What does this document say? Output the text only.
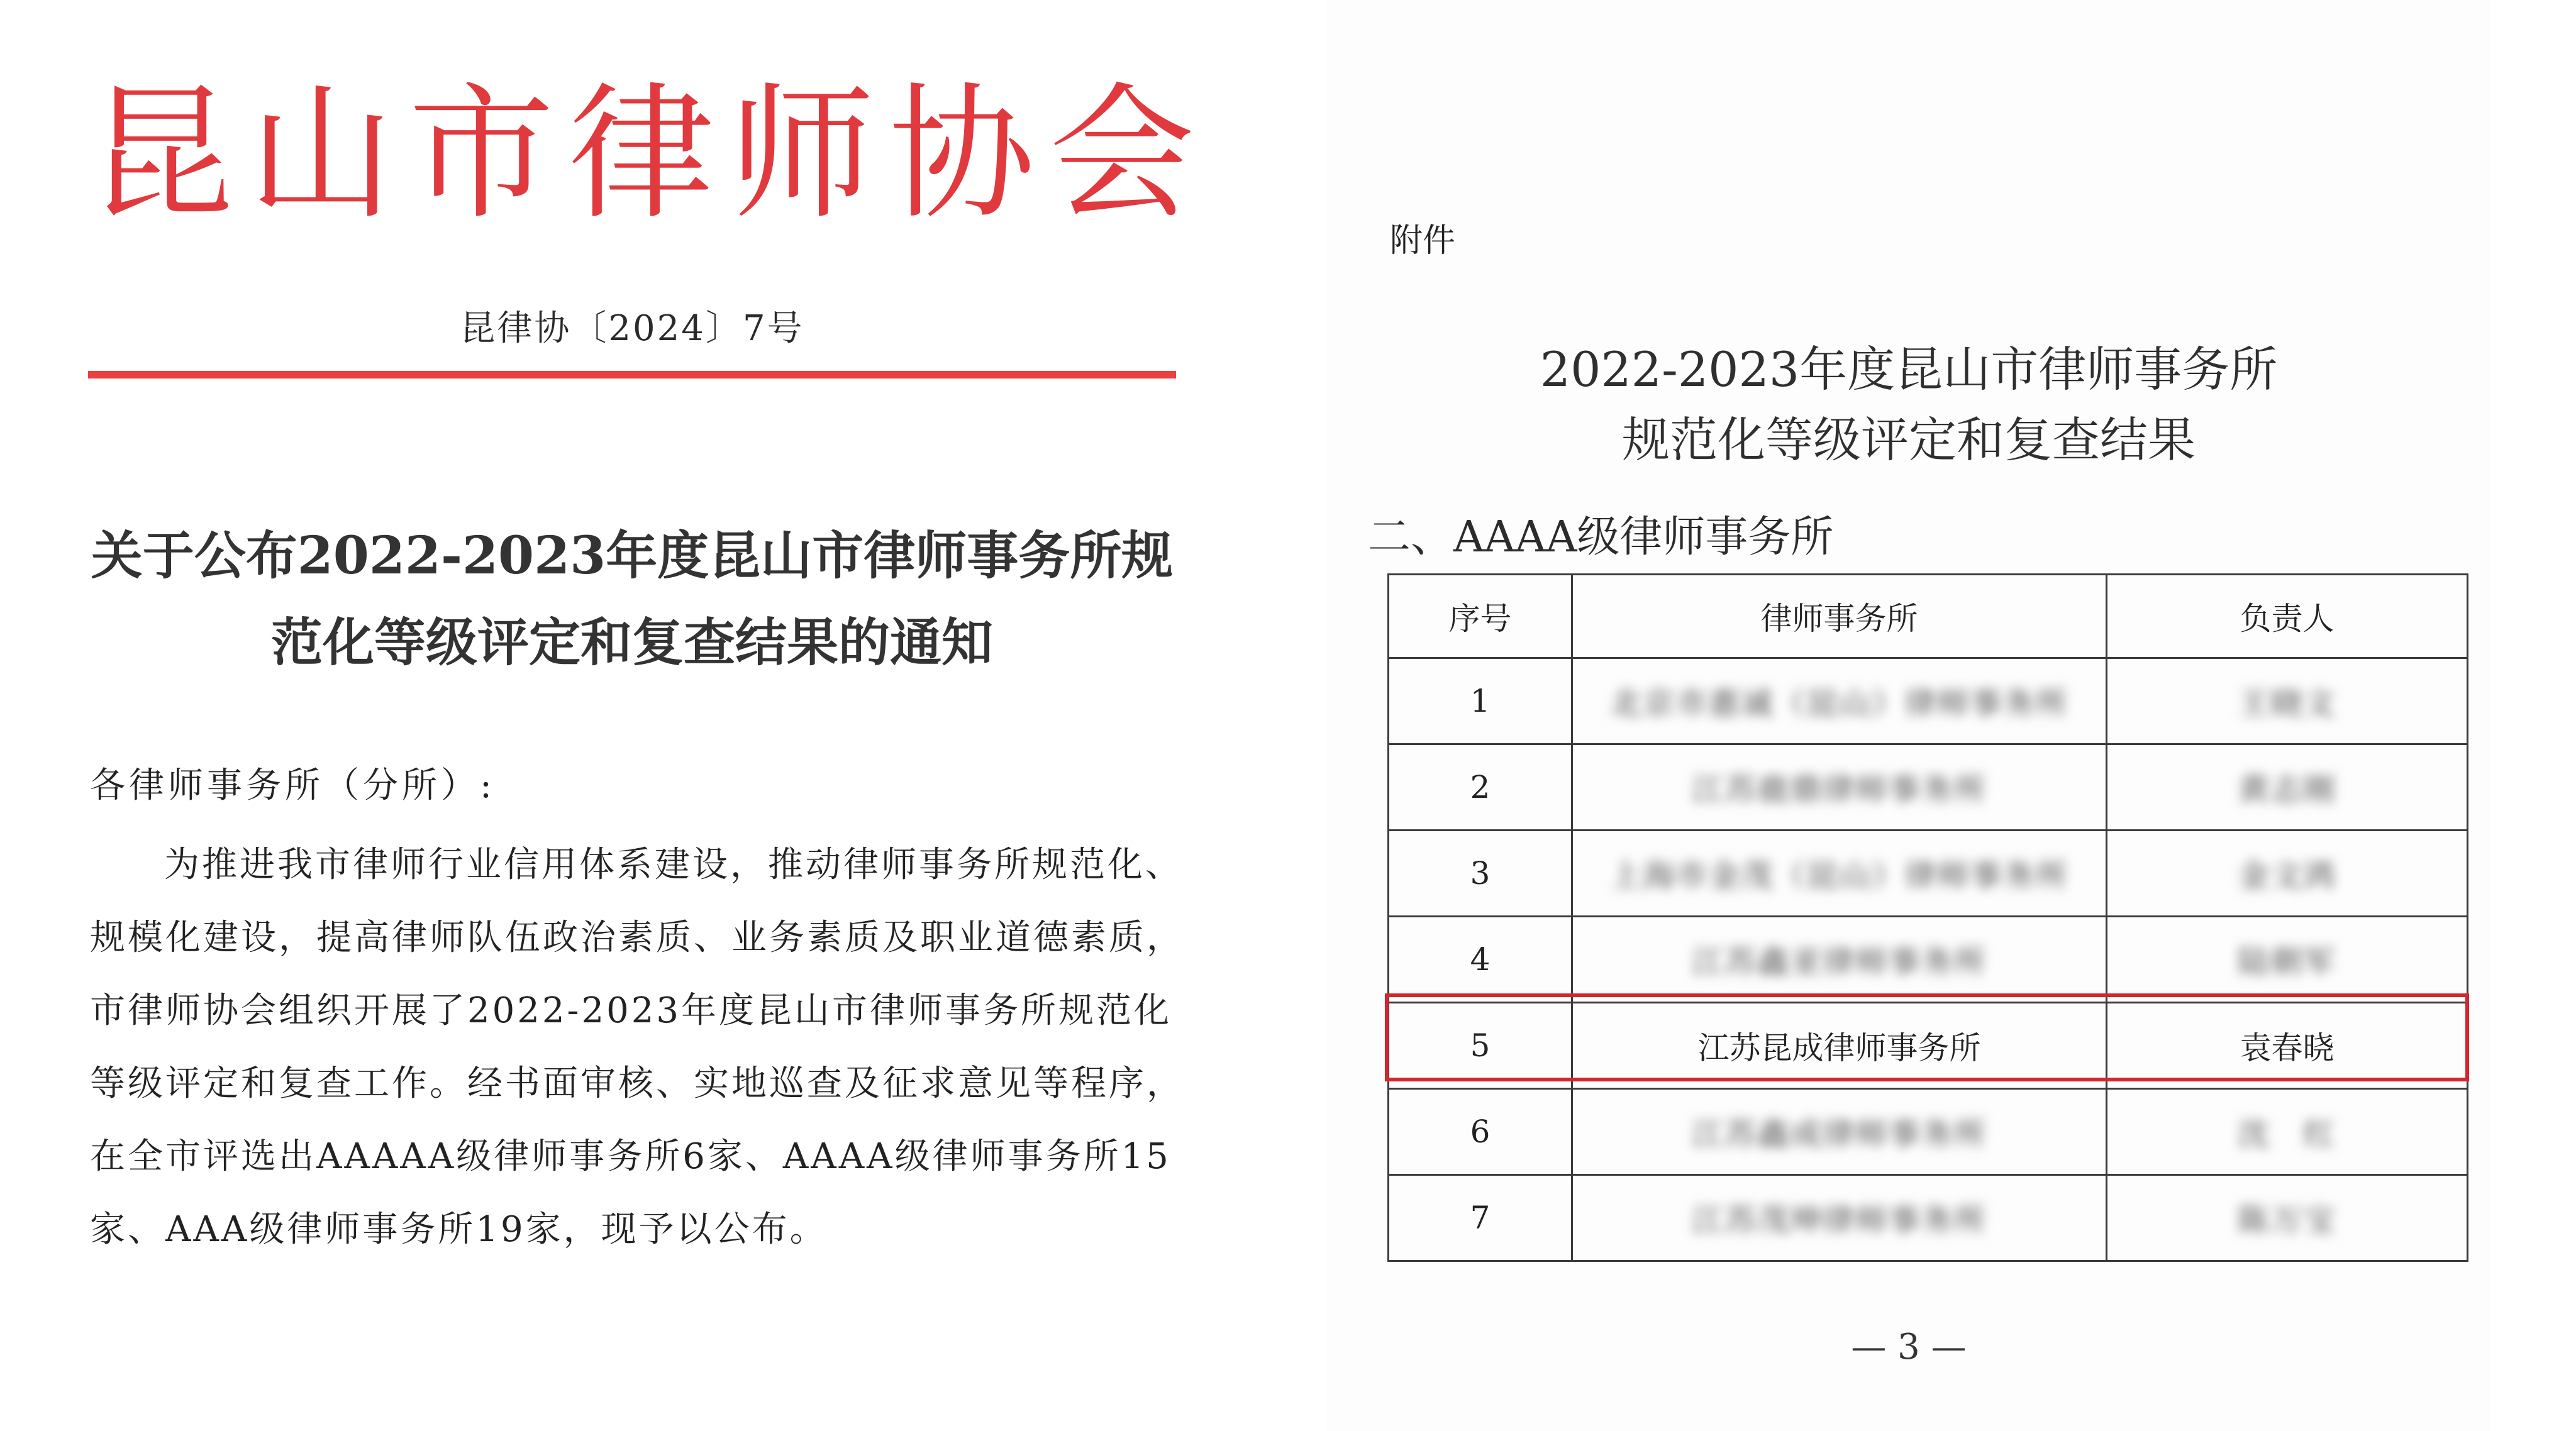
昆 山 市 律 师 协 会
昆律协〔2024〕7号
关于公布2022-2023年度昆山市律师事务所规
范化等级评定和复查结果的通知
各律师事务所（分所）:

为推进我市律师行业信用体系建设，推动律师事务所规范化、规模化建设，提高律师队伍政治素质、业务素质及职业道德素质，市律师协会组织开展了2022-2023年度昆山市律师事务所规范化等级评定和复查工作。经书面审核、实地巡查及征求意见等程序，在全市评选出AAAAA级律师事务所6家、AAAA级律师事务所15家、AAA级律师事务所19家，现予以公布。

附件
2022-2023年度昆山市律师事务所
规范化等级评定和复查结果
二、AAAA级律师事务所
序号	律师事务所	负责人
1	北京市惠诚（昆山）律师事务所	王晓文
2	江苏鹿鼎律师事务所	黄志刚
3	上海市金茂（昆山）律师事务所	金文鸿
4	江苏鑫亚律师事务所	陆朝军
5	江苏昆成律师事务所	袁春晓
6	江苏鑫成律师事务所	沈　红
7	江苏茂坤律师事务所	陈万宝
— 3 —
